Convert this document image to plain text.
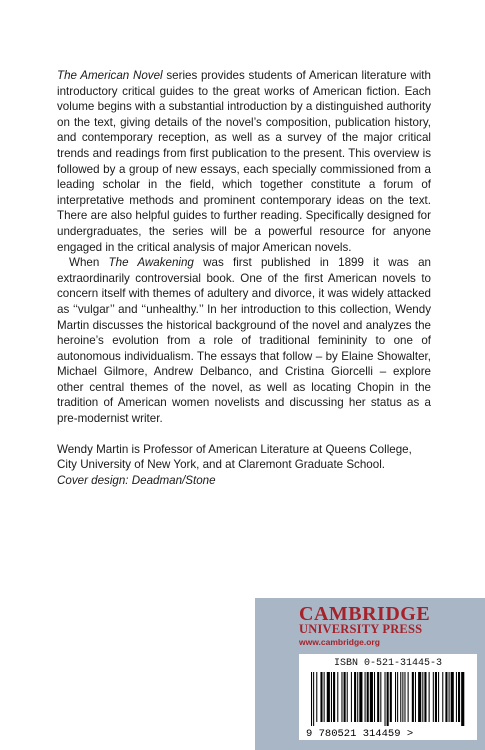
The American Novel series provides students of American literature with introductory critical guides to the great works of American fiction. Each volume begins with a substantial introduction by a distinguished authority on the text, giving details of the novel’s composition, publication history, and contemporary reception, as well as a survey of the major critical trends and readings from first publication to the present. This overview is followed by a group of new essays, each specially commissioned from a leading scholar in the field, which together constitute a forum of interpretative methods and prominent contemporary ideas on the text. There are also helpful guides to further reading. Specifically designed for undergraduates, the series will be a powerful resource for anyone engaged in the critical analysis of major American novels.

When The Awakening was first published in 1899 it was an extraordinarily controversial book. One of the first American novels to concern itself with themes of adultery and divorce, it was widely attacked as ‘‘vulgar’’ and ‘‘unhealthy.’’ In her introduction to this collection, Wendy Martin discusses the historical background of the novel and analyzes the heroine’s evolution from a role of traditional femininity to one of autonomous individualism. The essays that follow – by Elaine Showalter, Michael Gilmore, Andrew Delbanco, and Cristina Giorcelli – explore other central themes of the novel, as well as locating Chopin in the tradition of American women novelists and discussing her status as a pre-modernist writer.

Wendy Martin is Professor of American Literature at Queens College,
City University of New York, and at Claremont Graduate School.
Cover design: Deadman/Stone

CAMBRIDGE
UNIVERSITY PRESS
www.cambridge.org
ISBN 0-521-31445-3
9 780521 314459 >
